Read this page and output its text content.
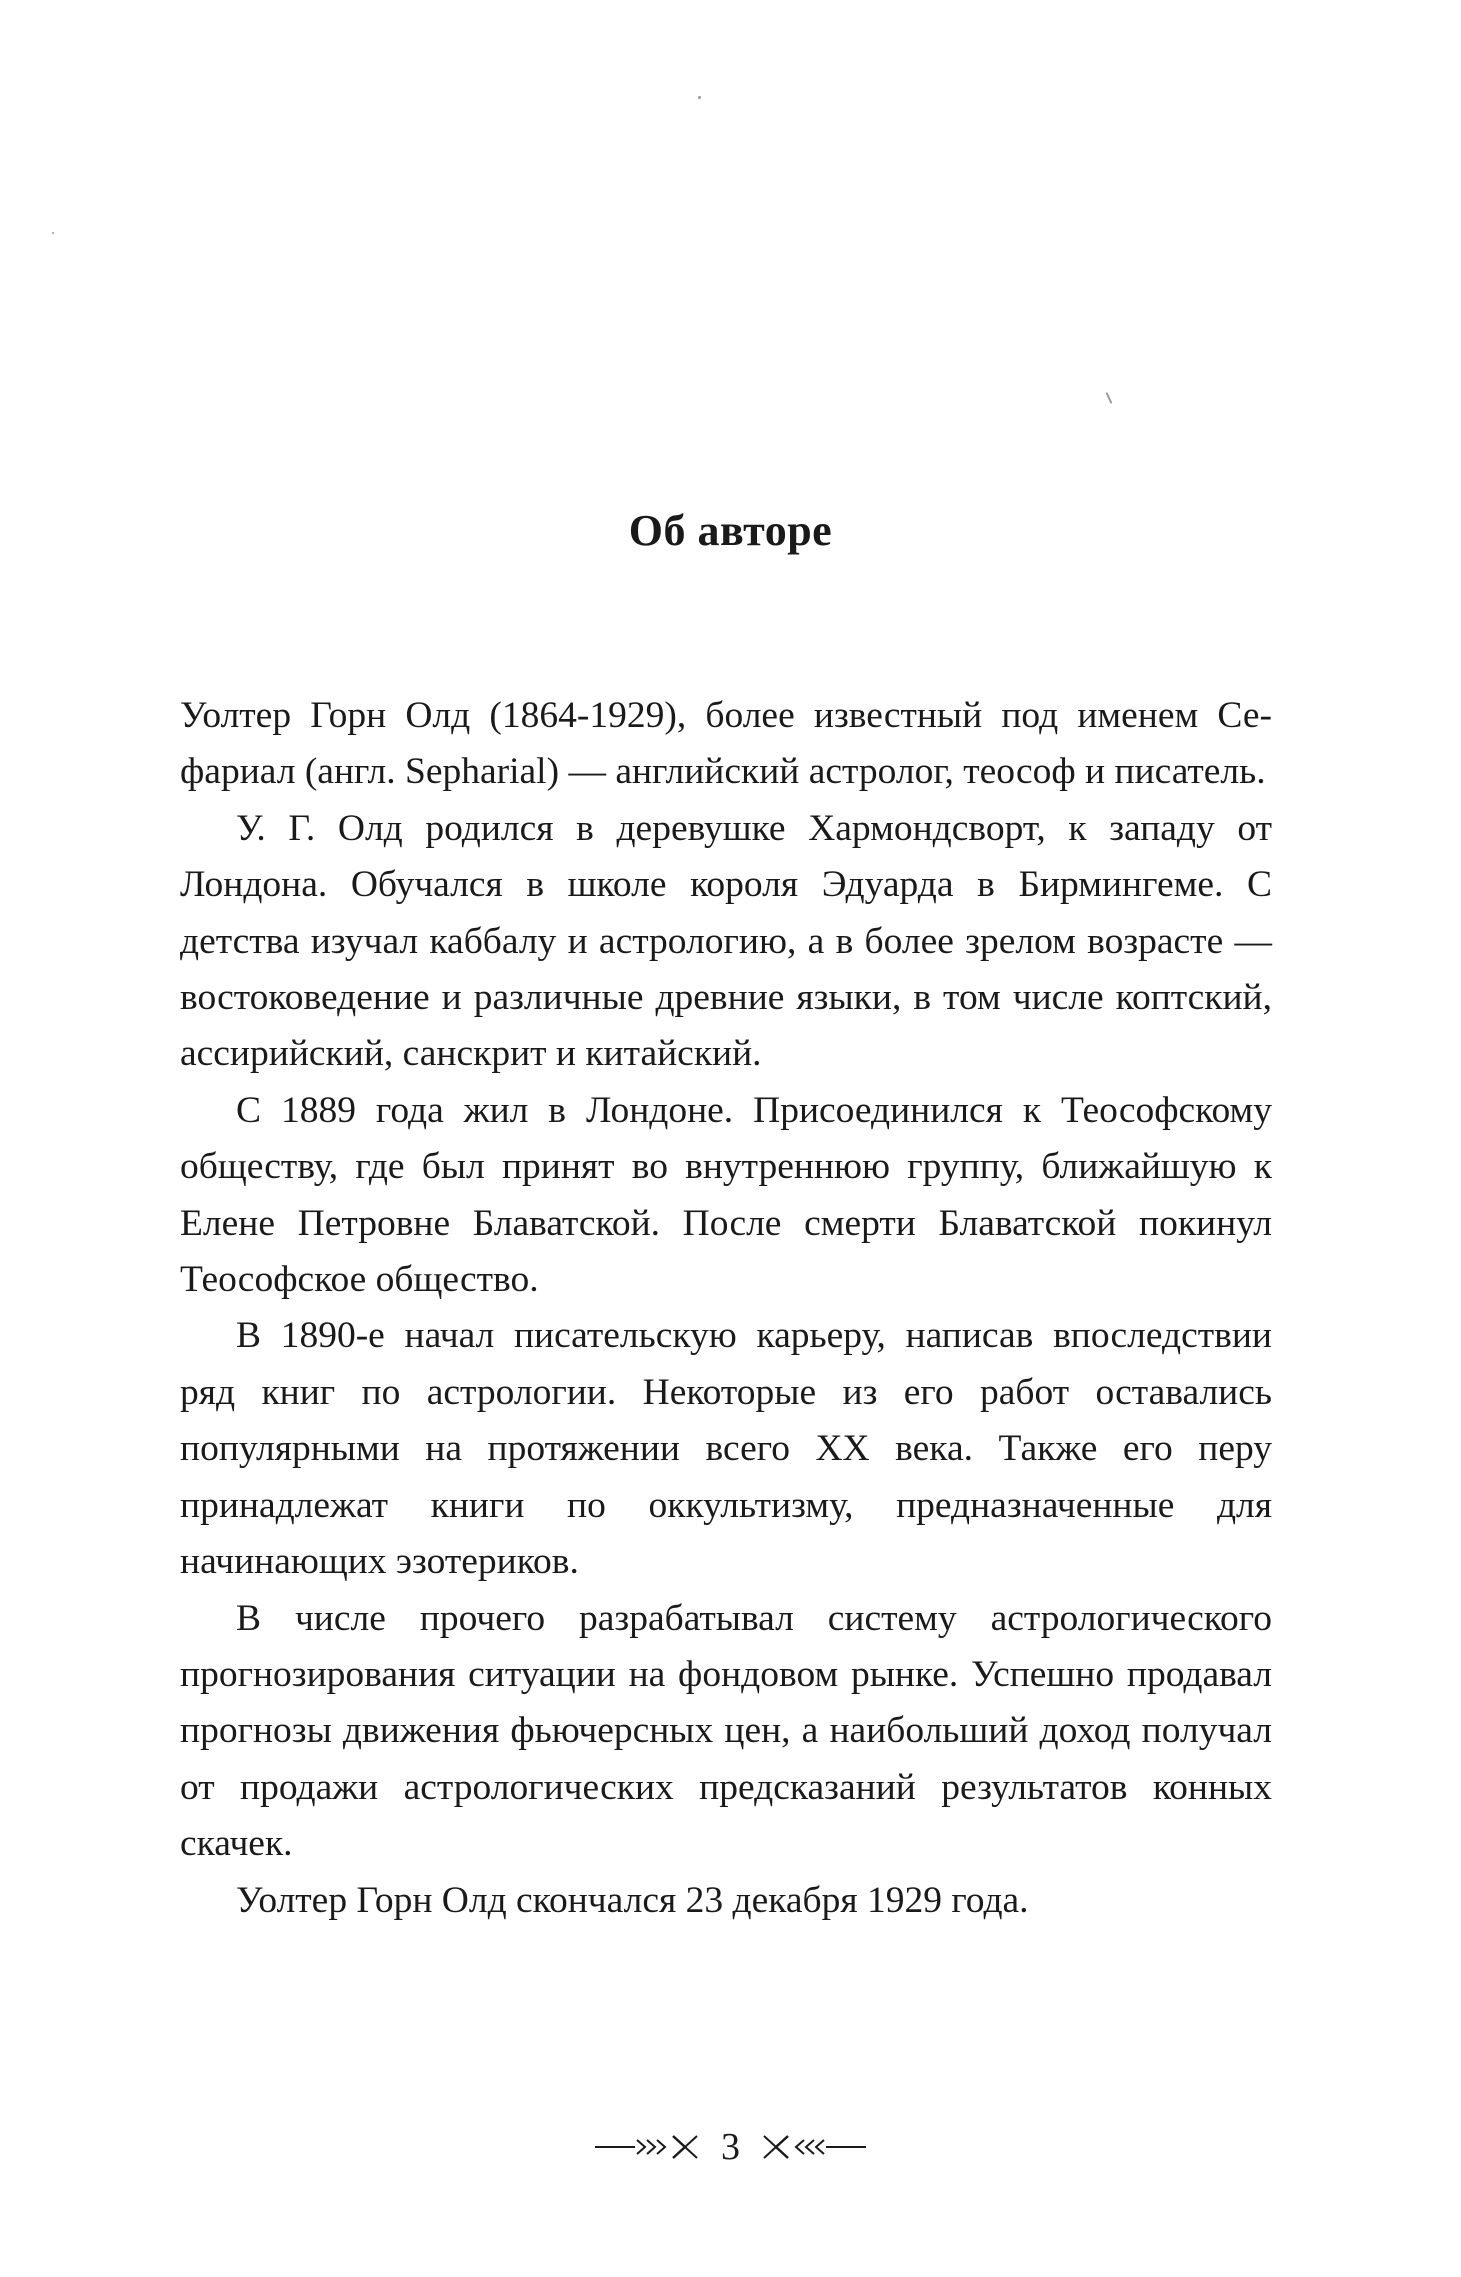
Об авторе

Уолтер Горн Олд (1864-1929), более известный под именем Сефариал (англ. Sepharial) — английский астролог, теософ и писатель.

У. Г. Олд родился в деревушке Хармондсворт, к западу от Лондона. Обучался в школе короля Эдуарда в Бирмингеме. С детства изучал каббалу и астрологию, а в более зрелом возрасте — востоковедение и различные древние языки, в том числе коптский, ассирийский, санскрит и китайский.

С 1889 года жил в Лондоне. Присоединился к Теософскому обществу, где был принят во внутреннюю группу, ближайшую к Елене Петровне Блаватской. После смерти Блаватской покинул Теософское общество.

В 1890-е начал писательскую карьеру, написав впоследствии ряд книг по астрологии. Некоторые из его работ оставались популярными на протяжении всего XX века. Также его перу принадлежат книги по оккультизму, предназначенные для начинающих эзотериков.

В числе прочего разрабатывал систему астрологического прогнозирования ситуации на фондовом рынке. Успешно продавал прогнозы движения фьючерсных цен, а наибольший доход получал от продажи астрологических предсказаний результатов конных скачек.

Уолтер Горн Олд скончался 23 декабря 1929 года.

3
